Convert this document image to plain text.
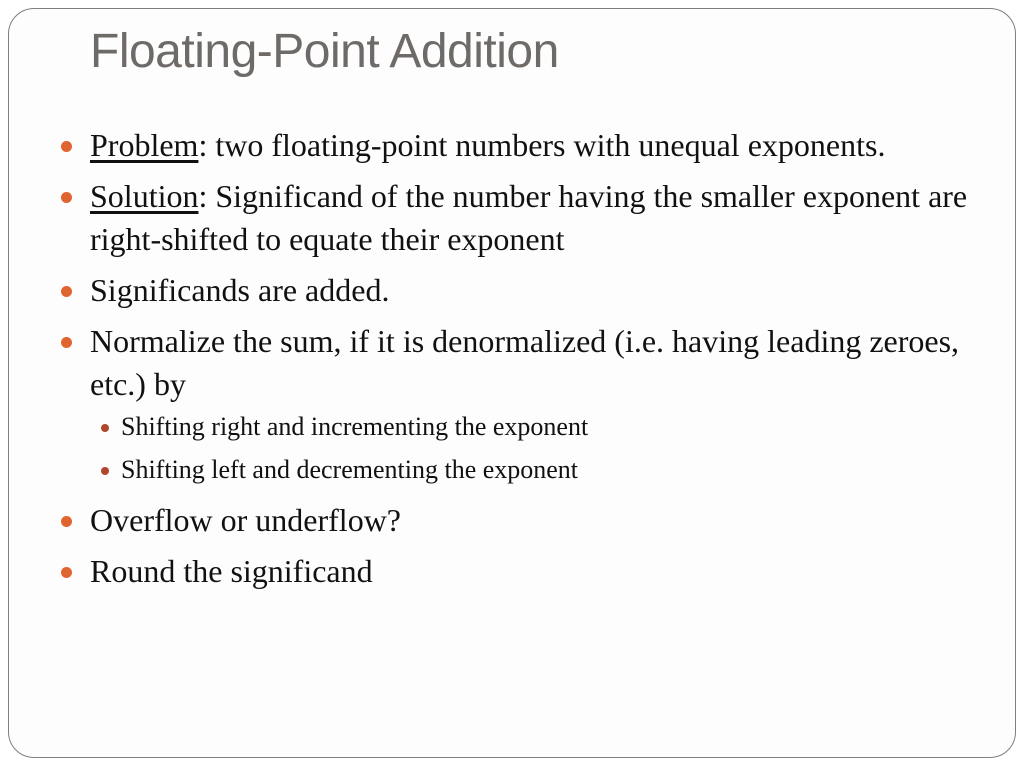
Floating-Point Addition
Problem: two floating-point numbers with unequal exponents.
Solution: Significand of the number having the smaller exponent are right-shifted to equate their exponent
Significands are added.
Normalize the sum, if it is denormalized (i.e. having leading zeroes, etc.) by
Shifting right and incrementing the exponent
Shifting left and decrementing the exponent
Overflow or underflow?
Round the significand
